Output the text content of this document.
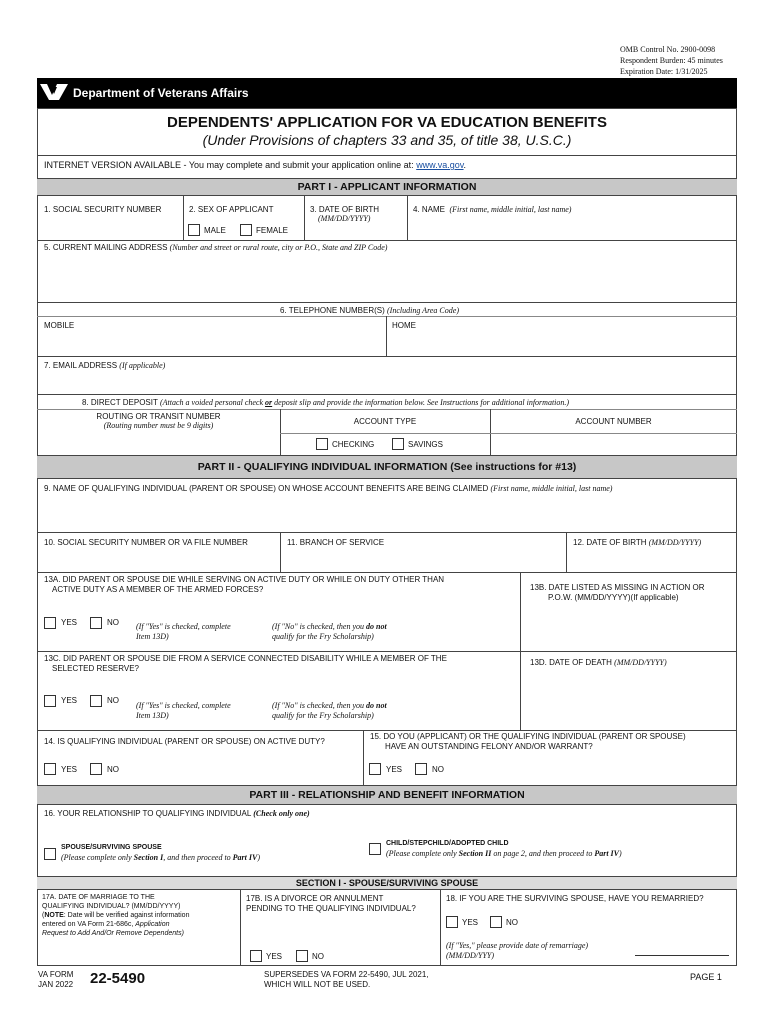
OMB Control No. 2900-0098
Respondent Burden: 45 minutes
Expiration Date: 1/31/2025
Department of Veterans Affairs
DEPENDENTS' APPLICATION FOR VA EDUCATION BENEFITS
(Under Provisions of chapters 33 and 35, of title 38, U.S.C.)
INTERNET VERSION AVAILABLE - You may complete and submit your application online at: www.va.gov.
PART I - APPLICANT INFORMATION
1. SOCIAL SECURITY NUMBER	2. SEX OF APPLICANT
MALE	FEMALE
3. DATE OF BIRTH
(MM/DD/YYYY)
4. NAME (First name, middle initial, last name)
5. CURRENT MAILING ADDRESS (Number and street or rural route, city or P.O., State and ZIP Code)
6. TELEPHONE NUMBER(S) (Including Area Code)
MOBILE	HOME
7. EMAIL ADDRESS (If applicable)
8. DIRECT DEPOSIT (Attach a voided personal check or deposit slip and provide the information below. See Instructions for additional information.)
ROUTING OR TRANSIT NUMBER
(Routing number must be 9 digits)	ACCOUNT TYPE	ACCOUNT NUMBER
CHECKING	SAVINGS
PART II - QUALIFYING INDIVIDUAL INFORMATION (See instructions for #13)
9. NAME OF QUALIFYING INDIVIDUAL (PARENT OR SPOUSE) ON WHOSE ACCOUNT BENEFITS ARE BEING CLAIMED (First name, middle initial, last name)
10. SOCIAL SECURITY NUMBER OR VA FILE NUMBER	11. BRANCH OF SERVICE	12. DATE OF BIRTH (MM/DD/YYYY)
13A. DID PARENT OR SPOUSE DIE WHILE SERVING ON ACTIVE DUTY OR WHILE ON DUTY OTHER THAN
ACTIVE DUTY AS A MEMBER OF THE ARMED FORCES?	13B. DATE LISTED AS MISSING IN ACTION OR
P.O.W. (MM/DD/YYYY)(If applicable)
YES	NO (If "Yes" is checked, complete
Item 13D)
(If "No" is checked, then you do not
qualify for the Fry Scholarship)
13C. DID PARENT OR SPOUSE DIE FROM A SERVICE CONNECTED DISABILITY WHILE A MEMBER OF THE
SELECTED RESERVE?
13D. DATE OF DEATH (MM/DD/YYYY)
YES	NO
(If "Yes" is checked, complete
Item 13D)
(If "No" is checked, then you do not
qualify for the Fry Scholarship)
14. IS QUALIFYING INDIVIDUAL (PARENT OR SPOUSE) ON ACTIVE DUTY?
15. DO YOU (APPLICANT) OR THE QUALIFYING INDIVIDUAL (PARENT OR SPOUSE)
HAVE AN OUTSTANDING FELONY AND/OR WARRANT?
YES	NO	YES	NO
PART III - RELATIONSHIP AND BENEFIT INFORMATION
16. YOUR RELATIONSHIP TO QUALIFYING INDIVIDUAL (Check only one)
SPOUSE/SURVIVING SPOUSE
(Please complete only Section I, and then proceed to Part IV)
CHILD/STEPCHILD/ADOPTED CHILD
(Please complete only Section II on page 2, and then proceed to Part IV)
SECTION I - SPOUSE/SURVIVING SPOUSE
17A. DATE OF MARRIAGE TO THE
QUALIFYING INDIVIDUAL? (MM/DD/YYYY)
(NOTE: Date will be verified against information
entered on VA Form 21-686c, Application
Request to Add And/Or Remove Dependents)
17B. IS A DIVORCE OR ANNULMENT
PENDING TO THE QUALIFYING INDIVIDUAL?
YES	NO
18. IF YOU ARE THE SURVIVING SPOUSE, HAVE YOU REMARRIED?
YES	NO
(If "Yes," please provide date of remarriage)
(MM/DD/YYY)
VA FORM
JAN 2022 22-5490	SUPERSEDES VA FORM 22-5490, JUL 2021,
WHICH WILL NOT BE USED.
PAGE 1
